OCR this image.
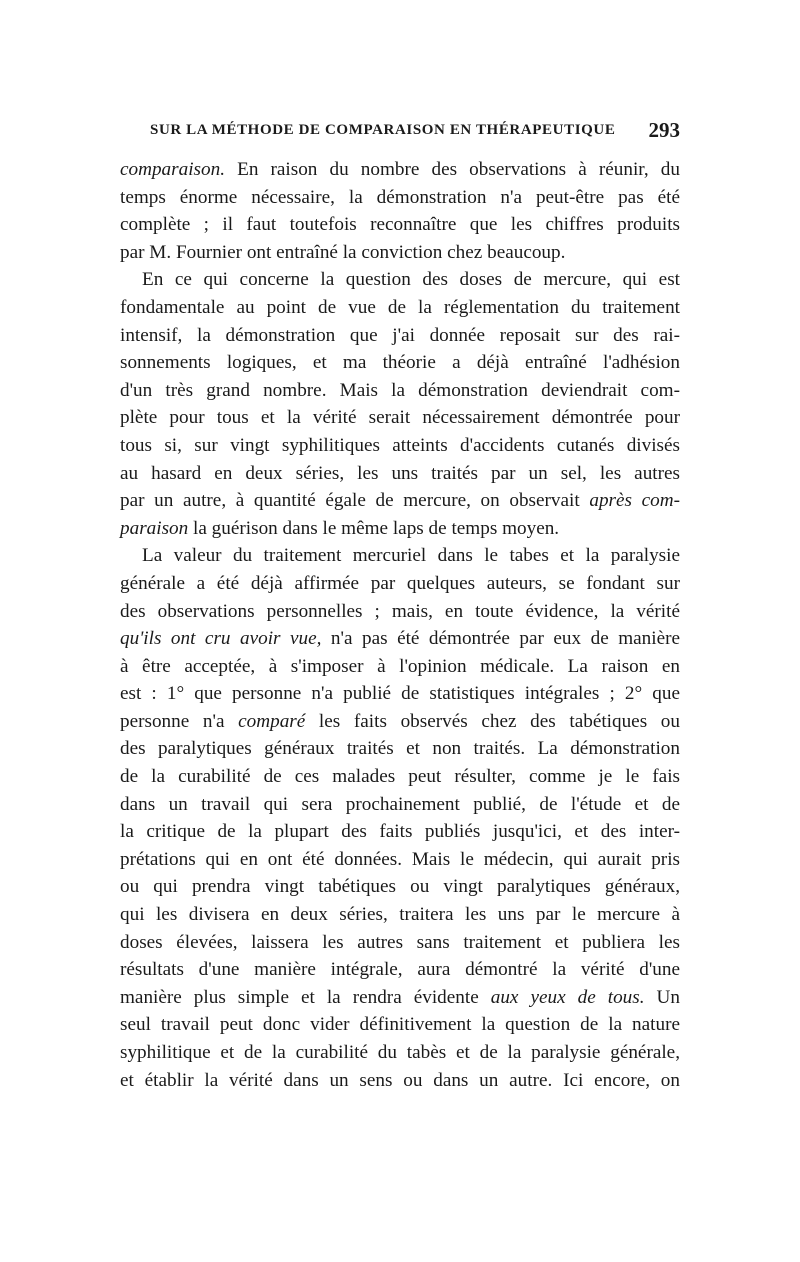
SUR LA MÉTHODE DE COMPARAISON EN THÉRAPEUTIQUE 293
comparaison. En raison du nombre des observations à réunir, du
temps énorme nécessaire, la démonstration n'a peut-être pas été
complète ; il faut toutefois reconnaître que les chiffres produits
par M. Fournier ont entraîné la conviction chez beaucoup.
En ce qui concerne la question des doses de mercure, qui est
fondamentale au point de vue de la réglementation du traitement
intensif, la démonstration que j'ai donnée reposait sur des rai-
sonnements logiques, et ma théorie a déjà entraîné l'adhésion
d'un très grand nombre. Mais la démonstration deviendrait com-
plète pour tous et la vérité serait nécessairement démontrée pour
tous si, sur vingt syphilitiques atteints d'accidents cutanés divisés
au hasard en deux séries, les uns traités par un sel, les autres
par un autre, à quantité égale de mercure, on observait après com-
paraison la guérison dans le même laps de temps moyen.
La valeur du traitement mercuriel dans le tabes et la paralysie
générale a été déjà affirmée par quelques auteurs, se fondant sur
des observations personnelles ; mais, en toute évidence, la vérité
qu'ils ont cru avoir vue, n'a pas été démontrée par eux de manière
à être acceptée, à s'imposer à l'opinion médicale. La raison en
est : 1° que personne n'a publié de statistiques intégrales ; 2° que
personne n'a comparé les faits observés chez des tabétiques ou
des paralytiques généraux traités et non traités. La démonstration
de la curabilité de ces malades peut résulter, comme je le fais
dans un travail qui sera prochainement publié, de l'étude et de
la critique de la plupart des faits publiés jusqu'ici, et des inter-
prétations qui en ont été données. Mais le médecin, qui aurait pris
ou qui prendra vingt tabétiques ou vingt paralytiques généraux,
qui les divisera en deux séries, traitera les uns par le mercure à
doses élevées, laissera les autres sans traitement et publiera les
résultats d'une manière intégrale, aura démontré la vérité d'une
manière plus simple et la rendra évidente aux yeux de tous. Un
seul travail peut donc vider définitivement la question de la nature
syphilitique et de la curabilité du tabès et de la paralysie générale,
et établir la vérité dans un sens ou dans un autre. Ici encore, on
